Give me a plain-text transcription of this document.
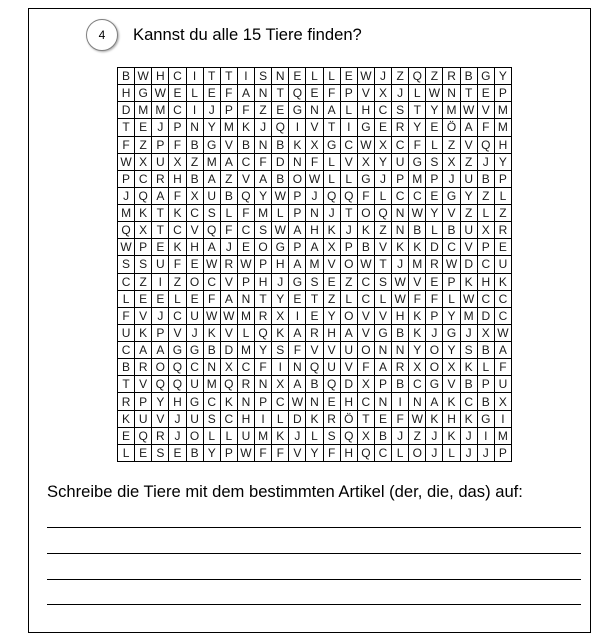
4 Kannst du alle 15 Tiere finden?
B W H C I T T I S N E L L E W J Z Q Z R B G Y
H G W E L E F A N T Q E F P V X J L W N T E P
D M M C I	J P F Z E G N A L H C S T Y M W V M
T E J P N Y M K J Q I V T I G E R Y E Ö A F M
F Z P F B G V B N B K X G C W X C F L Z V Q H
W X U X Z M A C F D N F L V X Y U G S X Z J Y
P C R H B A Z V A B O W L L G J P M P J U B P
J Q A F X U B Q Y W P J Q Q F L C C E G Y Z L
M K T K C S L F M L P N J T O Q N W Y V Z L Z
Q X T C V Q F C S W A H K J K Z N B L B U X R
W P E K H A J E O G P A X P B V K K D C V P E
S S U F E W R W P H A M V O W T J M R W D C U
C Z I Z O C V P H J G S E Z C S W V E P K H K
L E E L E F A N T Y E T Z L C L W F F L W C C
F V J C U W W M R X I E Y O V V H K P Y M D C
U K P V J K V L Q K A R H A V G B K J G J X W
C A A G G B D M Y S F V V U O N N Y O Y S B A
B R O Q C N X C F I N Q U V F A R X O X K L F
T V Q Q U M Q R N X A B Q D X P B C G V B P U
R P Y H G C K N P C W N E H C N I N A K C B X
K U V J U S C H I	L D K R Ö T E F W K H K G I
E Q R J O L L U M K J L S Q X B J Z J K J	I M
L E S E B Y P W F F V Y F H Q C L O J L J J P
Schreibe die Tiere mit dem bestimmten Artikel (der, die, das) auf:
